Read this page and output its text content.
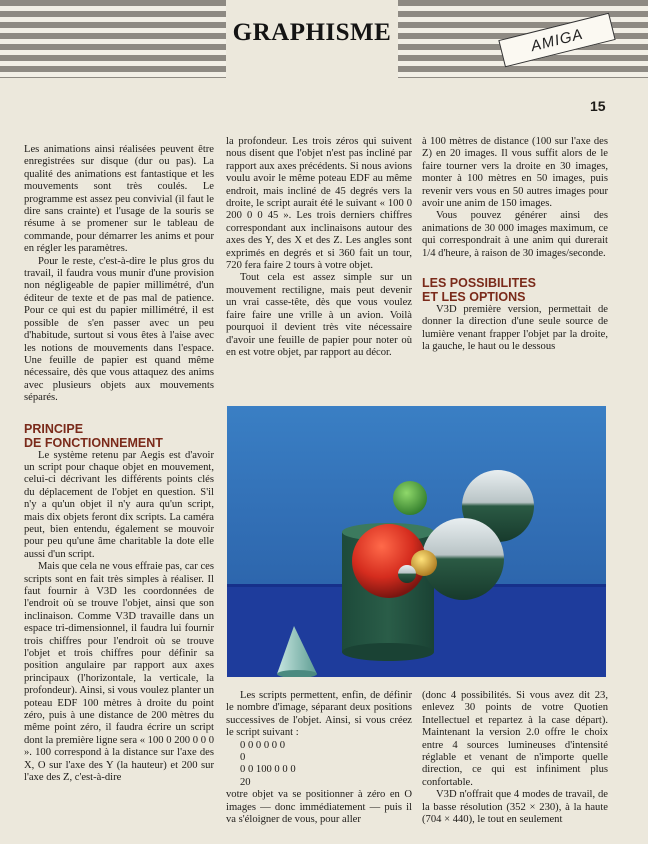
GRAPHISME	AMIGA
15

Les animations ainsi réalisées peuvent être enregistrées sur disque (dur ou pas). La qualité des animations est fantastique et les mouvements sont très coulés. Le programme est assez peu convivial (il faut le dire sans crainte) et l'usage de la souris se résume à se promener sur le tableau de commande, pour démarrer les anims et pour en régler les paramètres.

Pour le reste, c'est-à-dire le plus gros du travail, il faudra vous munir d'une provision non négligeable de papier millimétré, d'un éditeur de texte et de pas mal de patience. Pour ce qui est du papier millimétré, il est possible de s'en passer avec un peu d'habitude, surtout si vous êtes à l'aise avec les notions de mouvements dans l'espace. Une feuille de papier est quand même nécessaire, dès que vous attaquez des anims avec plusieurs objets aux mouvements séparés.

PRINCIPE
DE FONCTIONNEMENT

Le système retenu par Aegis est d'avoir un script pour chaque objet en mouvement, celui-ci décrivant les différents points clés du déplacement de l'objet en question. S'il n'y a qu'un objet il n'y aura qu'un script, mais dix objets feront dix scripts. La caméra peut, bien entendu, également se mouvoir pour peu qu'une âme charitable la dote elle aussi d'un script.

Mais que cela ne vous effraie pas, car ces scripts sont en fait très simples à réaliser. Il faut fournir à V3D les coordonnées de l'endroit où se trouve l'objet, ainsi que son inclinaison. Comme V3D travaille dans un espace tri-dimensionnel, il faudra lui fournir trois chiffres pour l'endroit où se trouve l'objet et trois chiffres pour définir sa position angulaire par rapport aux axes principaux (l'horizontale, la verticale, la profondeur). Ainsi, si vous voulez planter un poteau EDF 100 mètres à droite du point zéro, puis à une distance de 200 mètres du même point zéro, il faudra écrire un script dont la première ligne sera « 100 0 200 0 0 0 ». 100 correspond à la distance sur l'axe des X, O sur l'axe des Y (la hauteur) et 200 sur l'axe des Z, c'est-à-dire

la profondeur. Les trois zéros qui suivent nous disent que l'objet n'est pas incliné par rapport aux axes précédents. Si nous avions voulu avoir le même poteau EDF au même endroit, mais incliné de 45 degrés vers la droite, le script aurait été le suivant « 100 0 200 0 0 45 ». Les trois derniers chiffres correspondant aux inclinaisons autour des axes des Y, des X et des Z. Les angles sont exprimés en degrés et si 360 fait un tour, 720 fera faire 2 tours à votre objet.

Tout cela est assez simple sur un mouvement rectiligne, mais peut devenir un vrai casse-tête, dès que vous voulez faire faire une vrille à un avion. Voilà pourquoi il devient très vite nécessaire d'avoir une feuille de papier pour noter où en est votre objet, par rapport au décor.

à 100 mètres de distance (100 sur l'axe des Z) en 20 images. Il vous suffit alors de le faire tourner vers la droite en 30 images, monter à 100 mètres en 50 images, puis revenir vers vous en 50 autres images pour avoir une anim de 150 images.

Vous pouvez générer ainsi des animations de 30 000 images maximum, ce qui correspondrait à une anim qui durerait 1/4 d'heure, à raison de 30 images/seconde.

LES POSSIBILITES
ET LES OPTIONS

V3D première version, permettait de donner la direction d'une seule source de lumière venant frapper l'objet par la droite, la gauche, le haut ou le dessous

Les scripts permettent, enfin, de définir le nombre d'image, séparant deux positions successives de l'objet. Ainsi, si vous créez le script suivant :

0 0 0 0 0 0
0
0 0 100 0 0 0
20

votre objet va se positionner à zéro en O images — donc immédiatement — puis il va s'éloigner de vous, pour aller

(donc 4 possibilités. Si vous avez dit 23, enlevez 30 points de votre Quotien Intellectuel et repartez à la case départ). Maintenant la version 2.0 offre le choix entre 4 sources lumineuses d'intensité réglable et venant de n'importe quelle direction, ce qui est infiniment plus confortable.

V3D n'offrait que 4 modes de travail, de la basse résolution (352 × 230), à la haute (704 × 440), le tout en seulement
